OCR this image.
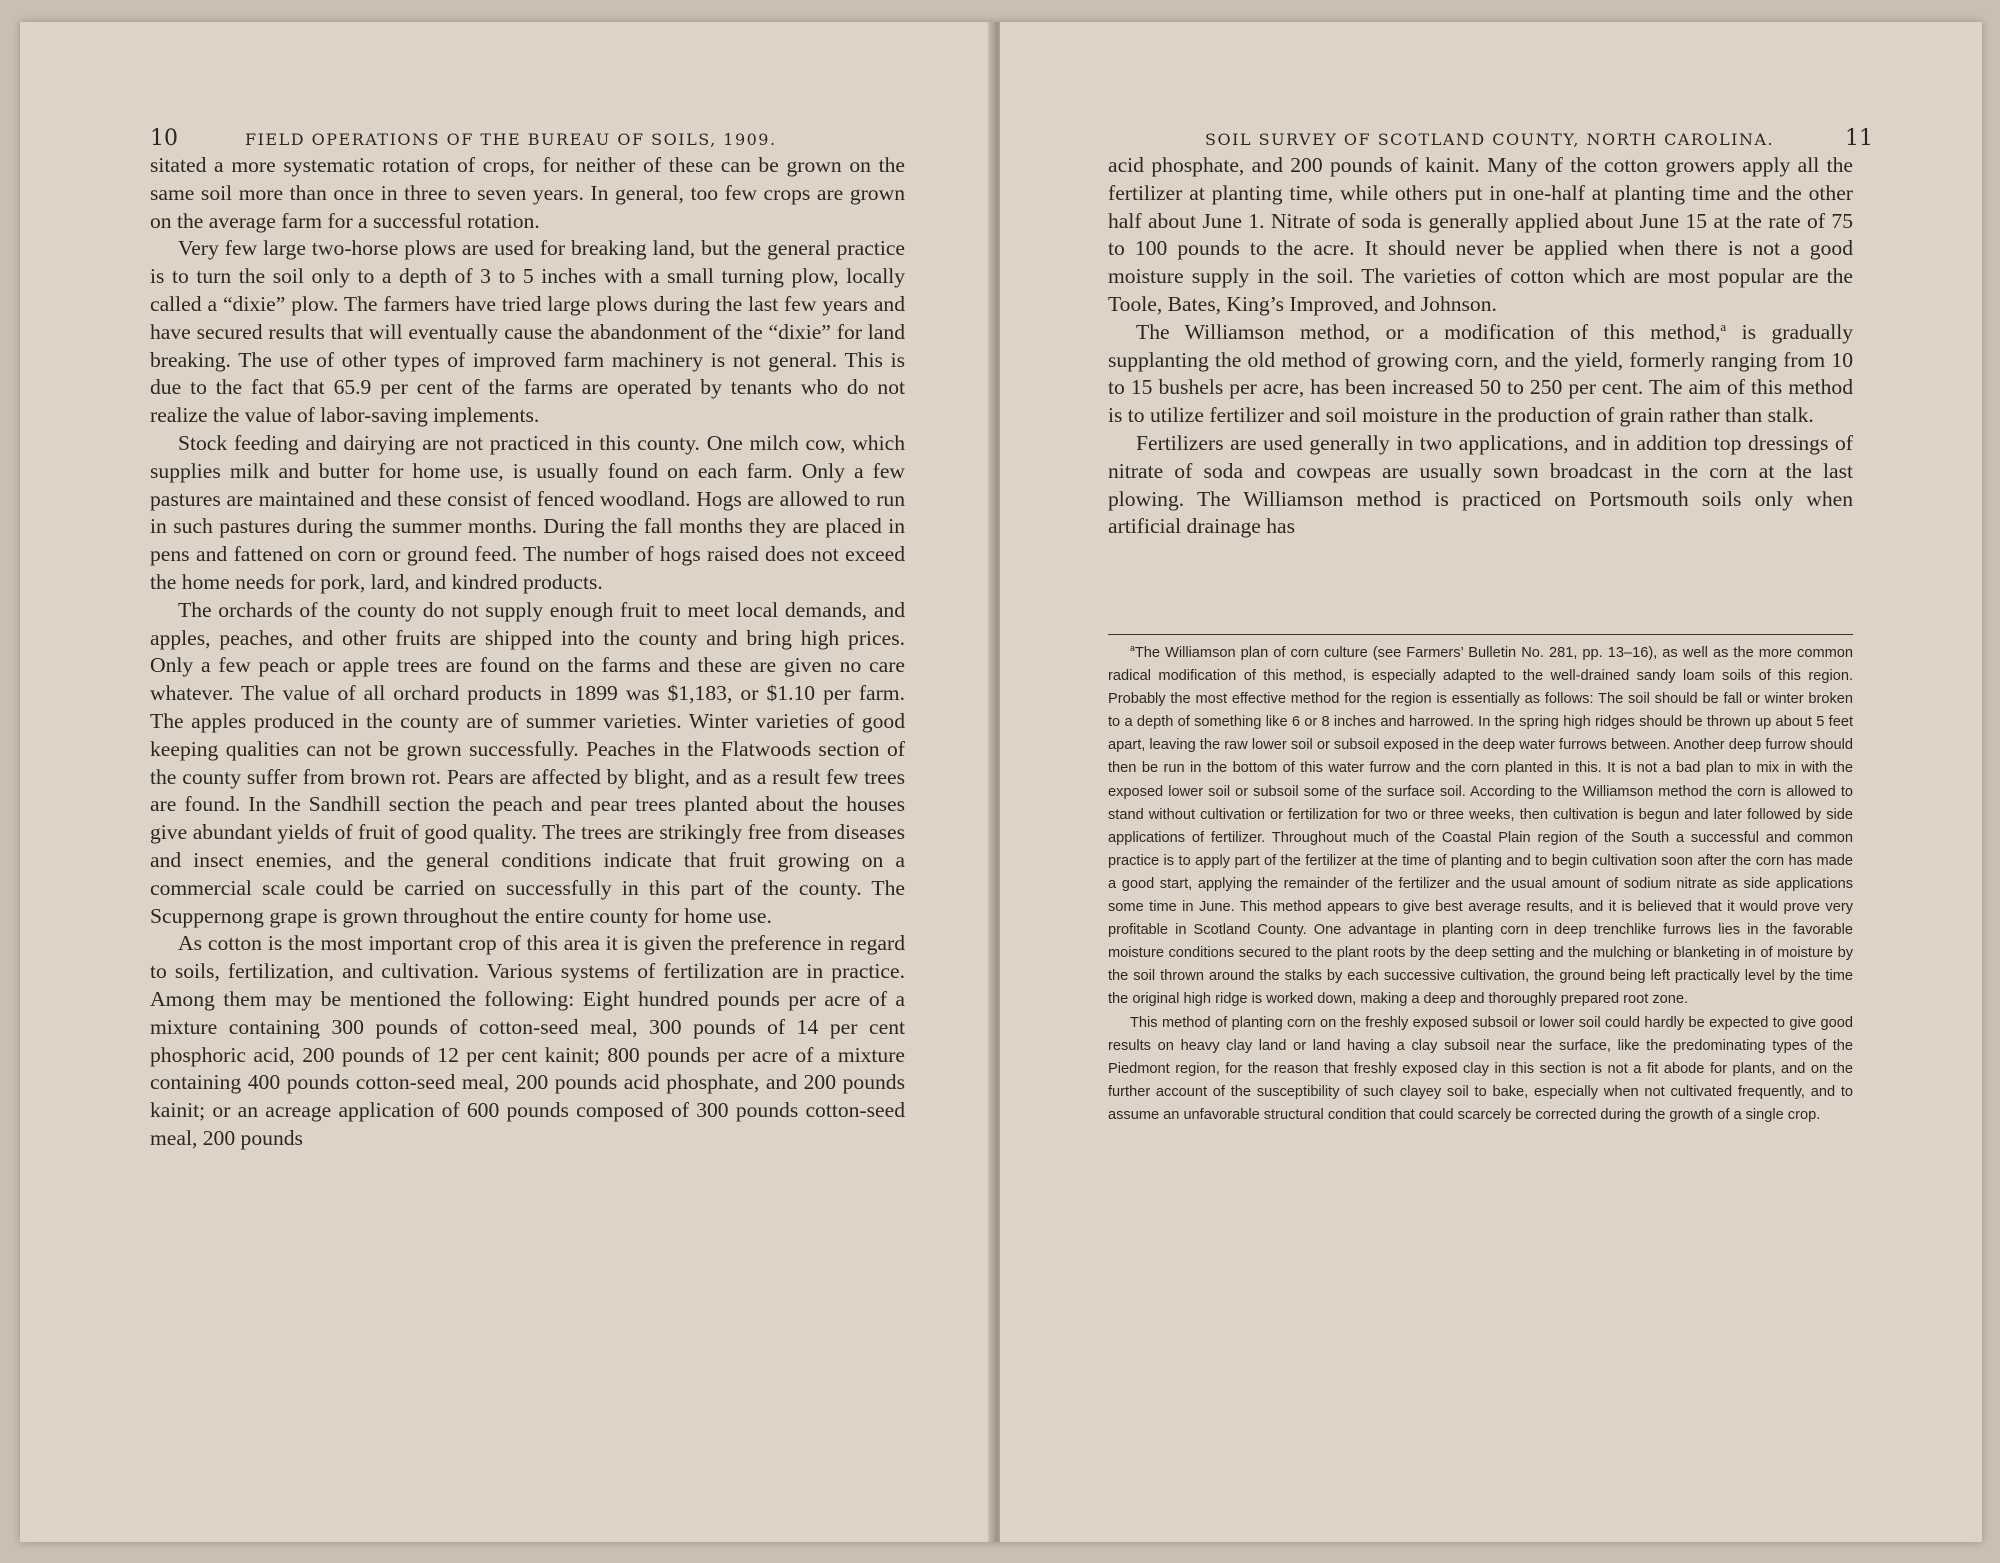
10	FIELD OPERATIONS OF THE BUREAU OF SOILS, 1909.

sitated a more systematic rotation of crops, for neither of these can be grown on the same soil more than once in three to seven years. In general, too few crops are grown on the average farm for a successful rotation.

Very few large two-horse plows are used for breaking land, but the general practice is to turn the soil only to a depth of 3 to 5 inches with a small turning plow, locally called a “dixie” plow. The farmers have tried large plows during the last few years and have secured results that will eventually cause the abandonment of the “dixie” for land breaking. The use of other types of improved farm machinery is not general. This is due to the fact that 65.9 per cent of the farms are operated by tenants who do not realize the value of labor-saving implements.

Stock feeding and dairying are not practiced in this county. One milch cow, which supplies milk and butter for home use, is usually found on each farm. Only a few pastures are maintained and these consist of fenced woodland. Hogs are allowed to run in such pastures during the summer months. During the fall months they are placed in pens and fattened on corn or ground feed. The number of hogs raised does not exceed the home needs for pork, lard, and kindred products.

The orchards of the county do not supply enough fruit to meet local demands, and apples, peaches, and other fruits are shipped into the county and bring high prices. Only a few peach or apple trees are found on the farms and these are given no care whatever. The value of all orchard products in 1899 was $1,183, or $1.10 per farm. The apples produced in the county are of summer varieties. Winter varieties of good keeping qualities can not be grown successfully. Peaches in the Flatwoods section of the county suffer from brown rot. Pears are affected by blight, and as a result few trees are found. In the Sandhill section the peach and pear trees planted about the houses give abundant yields of fruit of good quality. The trees are strikingly free from diseases and insect enemies, and the general conditions indicate that fruit growing on a commercial scale could be carried on successfully in this part of the county. The Scuppernong grape is grown throughout the entire county for home use.

As cotton is the most important crop of this area it is given the preference in regard to soils, fertilization, and cultivation. Various systems of fertilization are in practice. Among them may be mentioned the following: Eight hundred pounds per acre of a mixture containing 300 pounds of cotton-seed meal, 300 pounds of 14 per cent phosphoric acid, 200 pounds of 12 per cent kainit; 800 pounds per acre of a mixture containing 400 pounds cotton-seed meal, 200 pounds acid phosphate, and 200 pounds kainit; or an acreage application of 600 pounds composed of 300 pounds cotton-seed meal, 200 pounds

SOIL SURVEY OF SCOTLAND COUNTY, NORTH CAROLINA.	11

acid phosphate, and 200 pounds of kainit. Many of the cotton growers apply all the fertilizer at planting time, while others put in one-half at planting time and the other half about June 1. Nitrate of soda is generally applied about June 15 at the rate of 75 to 100 pounds to the acre. It should never be applied when there is not a good moisture supply in the soil. The varieties of cotton which are most popular are the Toole, Bates, King’s Improved, and Johnson.

The Williamson method, or a modification of this method,$^a$ is gradually supplanting the old method of growing corn, and the yield, formerly ranging from 10 to 15 bushels per acre, has been increased 50 to 250 per cent. The aim of this method is to utilize fertilizer and soil moisture in the production of grain rather than stalk.

Fertilizers are used generally in two applications, and in addition top dressings of nitrate of soda and cowpeas are usually sown broadcast in the corn at the last plowing. The Williamson method is practiced on Portsmouth soils only when artificial drainage has

$^a$The Williamson plan of corn culture (see Farmers’ Bulletin No. 281, pp. 13–16), as well as the more common radical modification of this method, is especially adapted to the well-drained sandy loam soils of this region. Probably the most effective method for the region is essentially as follows: The soil should be fall or winter broken to a depth of something like 6 or 8 inches and harrowed. In the spring high ridges should be thrown up about 5 feet apart, leaving the raw lower soil or subsoil exposed in the deep water furrows between. Another deep furrow should then be run in the bottom of this water furrow and the corn planted in this. It is not a bad plan to mix in with the exposed lower soil or subsoil some of the surface soil. According to the Williamson method the corn is allowed to stand without cultivation or fertilization for two or three weeks, then cultivation is begun and later followed by side applications of fertilizer. Throughout much of the Coastal Plain region of the South a successful and common practice is to apply part of the fertilizer at the time of planting and to begin cultivation soon after the corn has made a good start, applying the remainder of the fertilizer and the usual amount of sodium nitrate as side applications some time in June. This method appears to give best average results, and it is believed that it would prove very profitable in Scotland County. One advantage in planting corn in deep trenchlike furrows lies in the favorable moisture conditions secured to the plant roots by the deep setting and the mulching or blanketing in of moisture by the soil thrown around the stalks by each successive cultivation, the ground being left practically level by the time the original high ridge is worked down, making a deep and thoroughly prepared root zone.

This method of planting corn on the freshly exposed subsoil or lower soil could hardly be expected to give good results on heavy clay land or land having a clay subsoil near the surface, like the predominating types of the Piedmont region, for the reason that freshly exposed clay in this section is not a fit abode for plants, and on the further account of the susceptibility of such clayey soil to bake, especially when not cultivated frequently, and to assume an unfavorable structural condition that could scarcely be corrected during the growth of a single crop.
